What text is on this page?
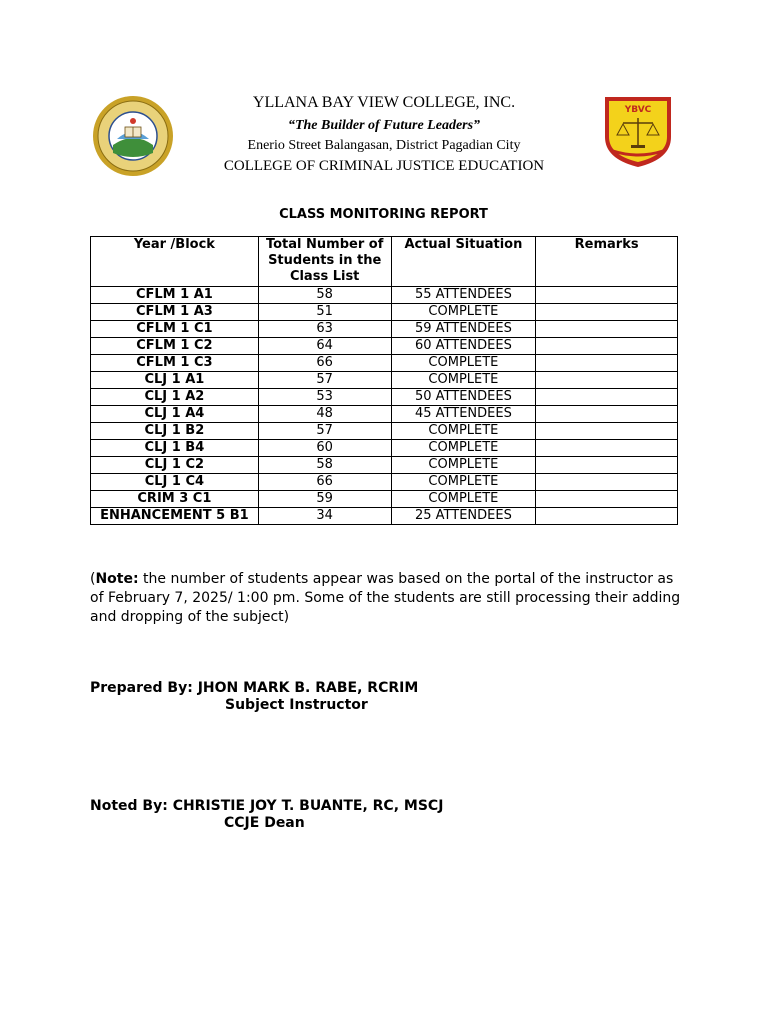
YLLANA BAY VIEW COLLEGE, INC.
“The Builder of Future Leaders”
Enerio Street Balangasan, District Pagadian City
COLLEGE OF CRIMINAL JUSTICE EDUCATION
YBVC
CLASS MONITORING REPORT
Year /Block	Total Number of Students in the Class List	Actual Situation	Remarks
CFLM 1 A1	58	55 ATTENDEES	
CFLM 1 A3	51	COMPLETE	
CFLM 1 C1	63	59 ATTENDEES	
CFLM 1 C2	64	60 ATTENDEES	
CFLM 1 C3	66	COMPLETE	
CLJ 1 A1	57	COMPLETE	
CLJ 1 A2	53	50 ATTENDEES	
CLJ 1 A4	48	45 ATTENDEES	
CLJ 1 B2	57	COMPLETE	
CLJ 1 B4	60	COMPLETE	
CLJ 1 C2	58	COMPLETE	
CLJ 1 C4	66	COMPLETE	
CRIM 3 C1	59	COMPLETE	
ENHANCEMENT 5 B1	34	25 ATTENDEES	
(Note: the number of students appear was based on the portal of the instructor as of February 7, 2025/ 1:00 pm. Some of the students are still processing their adding and dropping of the subject)
Prepared By: JHON MARK B. RABE, RCRIM
Subject Instructor
Noted By: CHRISTIE JOY T. BUANTE, RC, MSCJ
CCJE Dean
